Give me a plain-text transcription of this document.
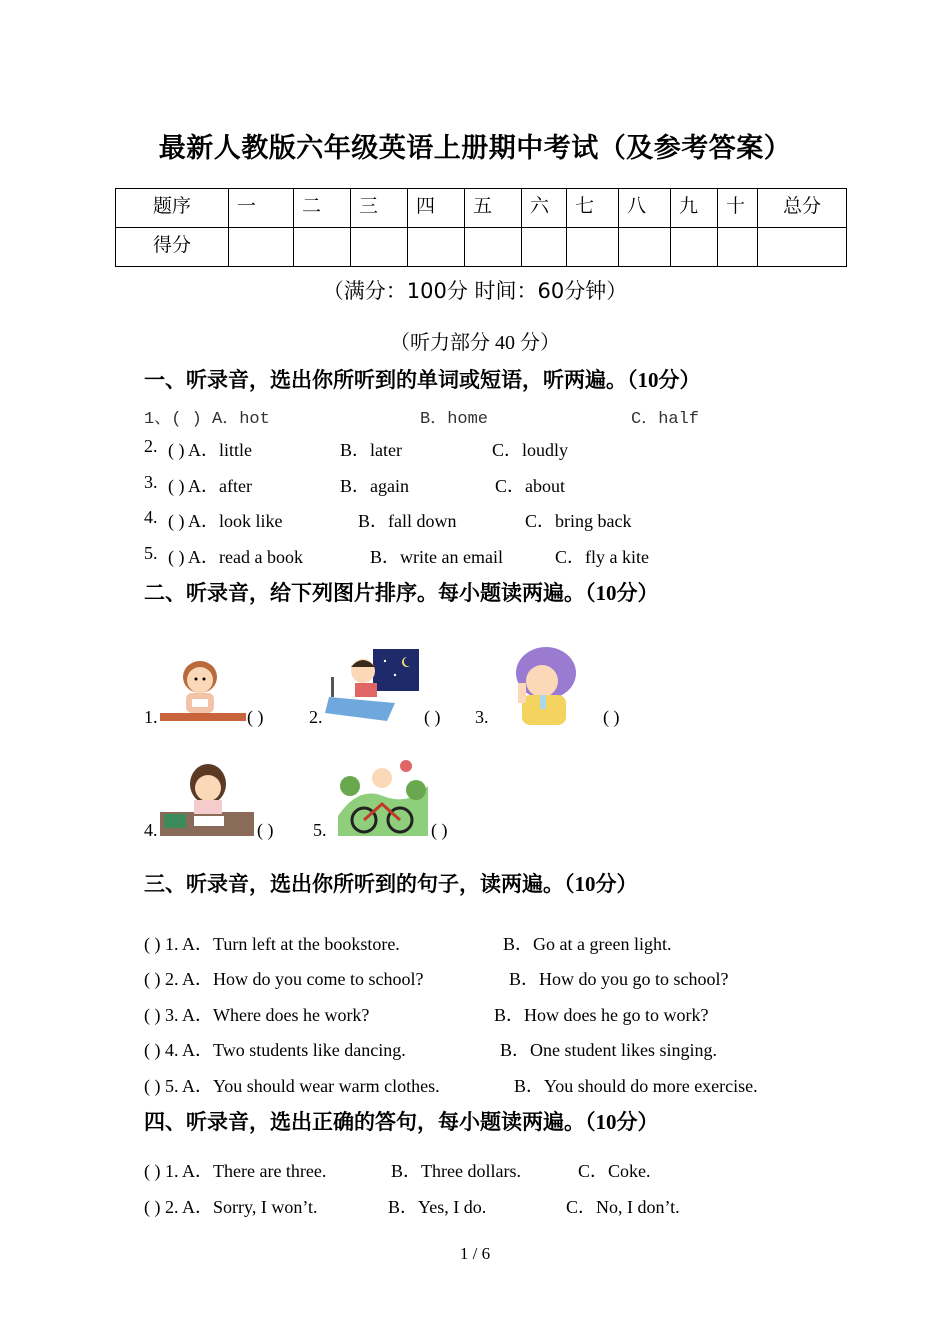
最新人教版六年级英语上册期中考试（及参考答案）
题序	一	二	三	四	五	六	七	八	九	十	总分
得分											
（满分：100分 时间：60分钟）
（听力部分 40 分）
一、听录音，选出你所听到的单词或短语，听两遍。（10分）
1、( ) A．hot	B．home	C．half
2. ( ) A．little	B．later	C．loudly
3. ( ) A．after	B．again	C．about
4. ( ) A．look like	B．fall down	C．bring back
5. ( ) A．read a book	B．write an email	C．fly a kite
二、听录音，给下列图片排序。每小题读两遍。（10分）
1.	( )	2.	( ) 3.	( )
4.	( ) 5.	( )
三、听录音，选出你所听到的句子，读两遍。（10分）
( ) 1. A．Turn left at the bookstore.	B．Go at a green light.
( ) 2. A．How do you come to school?	B．How do you go to school?
( ) 3. A．Where does he work?	B．How does he go to work?
( ) 4. A．Two students like dancing.	B．One student likes singing.
( ) 5. A．You should wear warm clothes.	B．You should do more exercise.
四、听录音，选出正确的答句，每小题读两遍。（10分）
( ) 1. A．There are three.	B．Three dollars.	C．Coke.
( ) 2. A．Sorry, I won’t.	B．Yes, I do.	C．No, I don’t.
1 / 6
